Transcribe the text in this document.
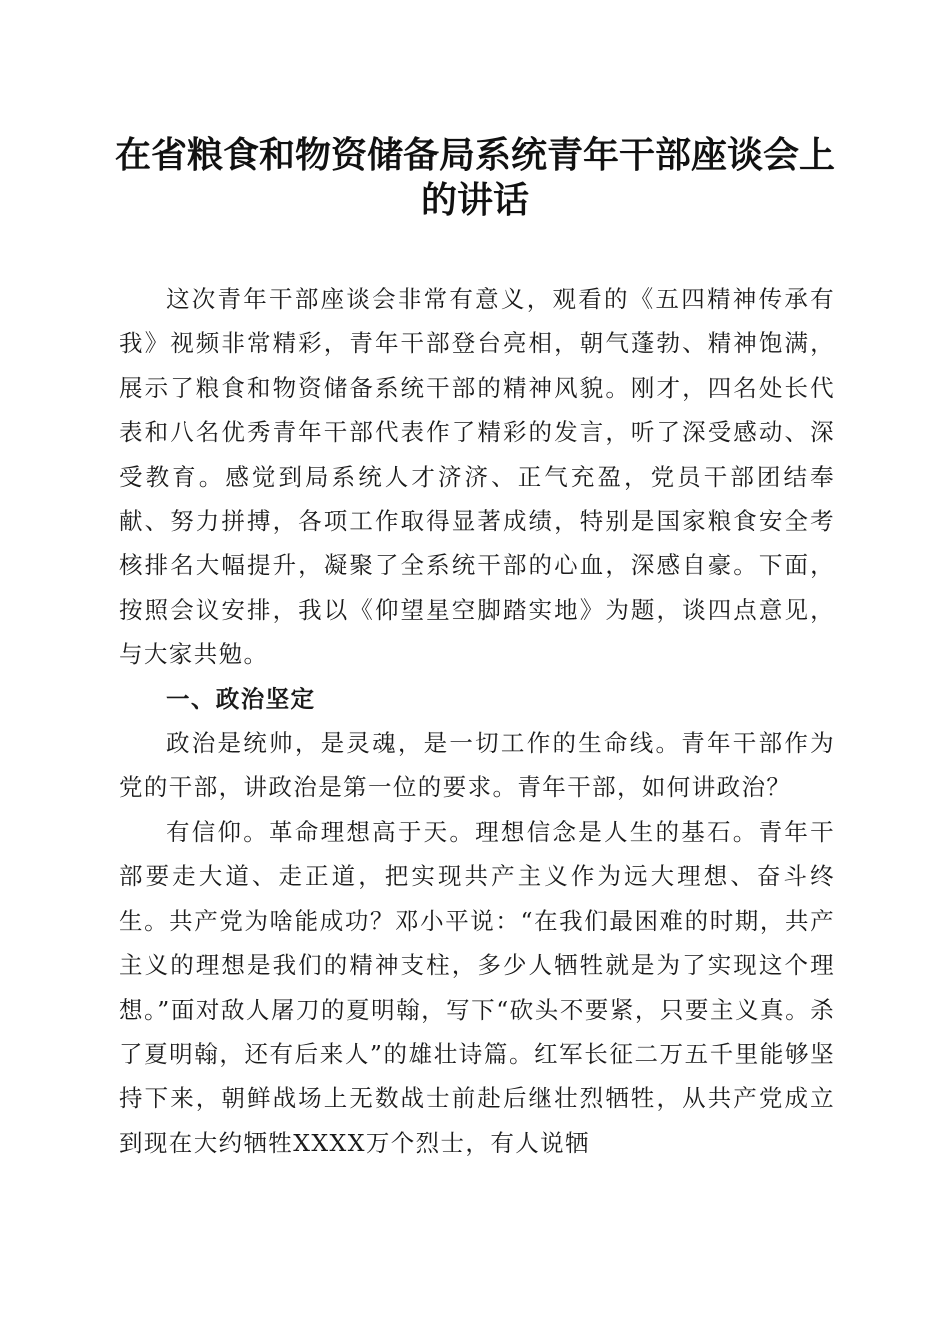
在省粮食和物资储备局系统青年干部座谈会上
的讲话

这次青年干部座谈会非常有意义，观看的《五四精神传承有我》视频非常精彩，青年干部登台亮相，朝气蓬勃、精神饱满，展示了粮食和物资储备系统干部的精神风貌。刚才，四名处长代表和八名优秀青年干部代表作了精彩的发言，听了深受感动、深受教育。感觉到局系统人才济济、正气充盈，党员干部团结奉献、努力拼搏，各项工作取得显著成绩，特别是国家粮食安全考核排名大幅提升，凝聚了全系统干部的心血，深感自豪。下面，按照会议安排，我以《仰望星空脚踏实地》为题，谈四点意见，与大家共勉。

一、政治坚定

政治是统帅，是灵魂，是一切工作的生命线。青年干部作为党的干部，讲政治是第一位的要求。青年干部，如何讲政治？

有信仰。革命理想高于天。理想信念是人生的基石。青年干部要走大道、走正道，把实现共产主义作为远大理想、奋斗终生。共产党为啥能成功？邓小平说：“在我们最困难的时期，共产主义的理想是我们的精神支柱，多少人牺牲就是为了实现这个理想。”面对敌人屠刀的夏明翰，写下“砍头不要紧，只要主义真。杀了夏明翰，还有后来人”的雄壮诗篇。红军长征二万五千里能够坚持下来，朝鲜战场上无数战士前赴后继壮烈牺牲，从共产党成立到现在大约牺牲XXXX万个烈士，有人说牺
